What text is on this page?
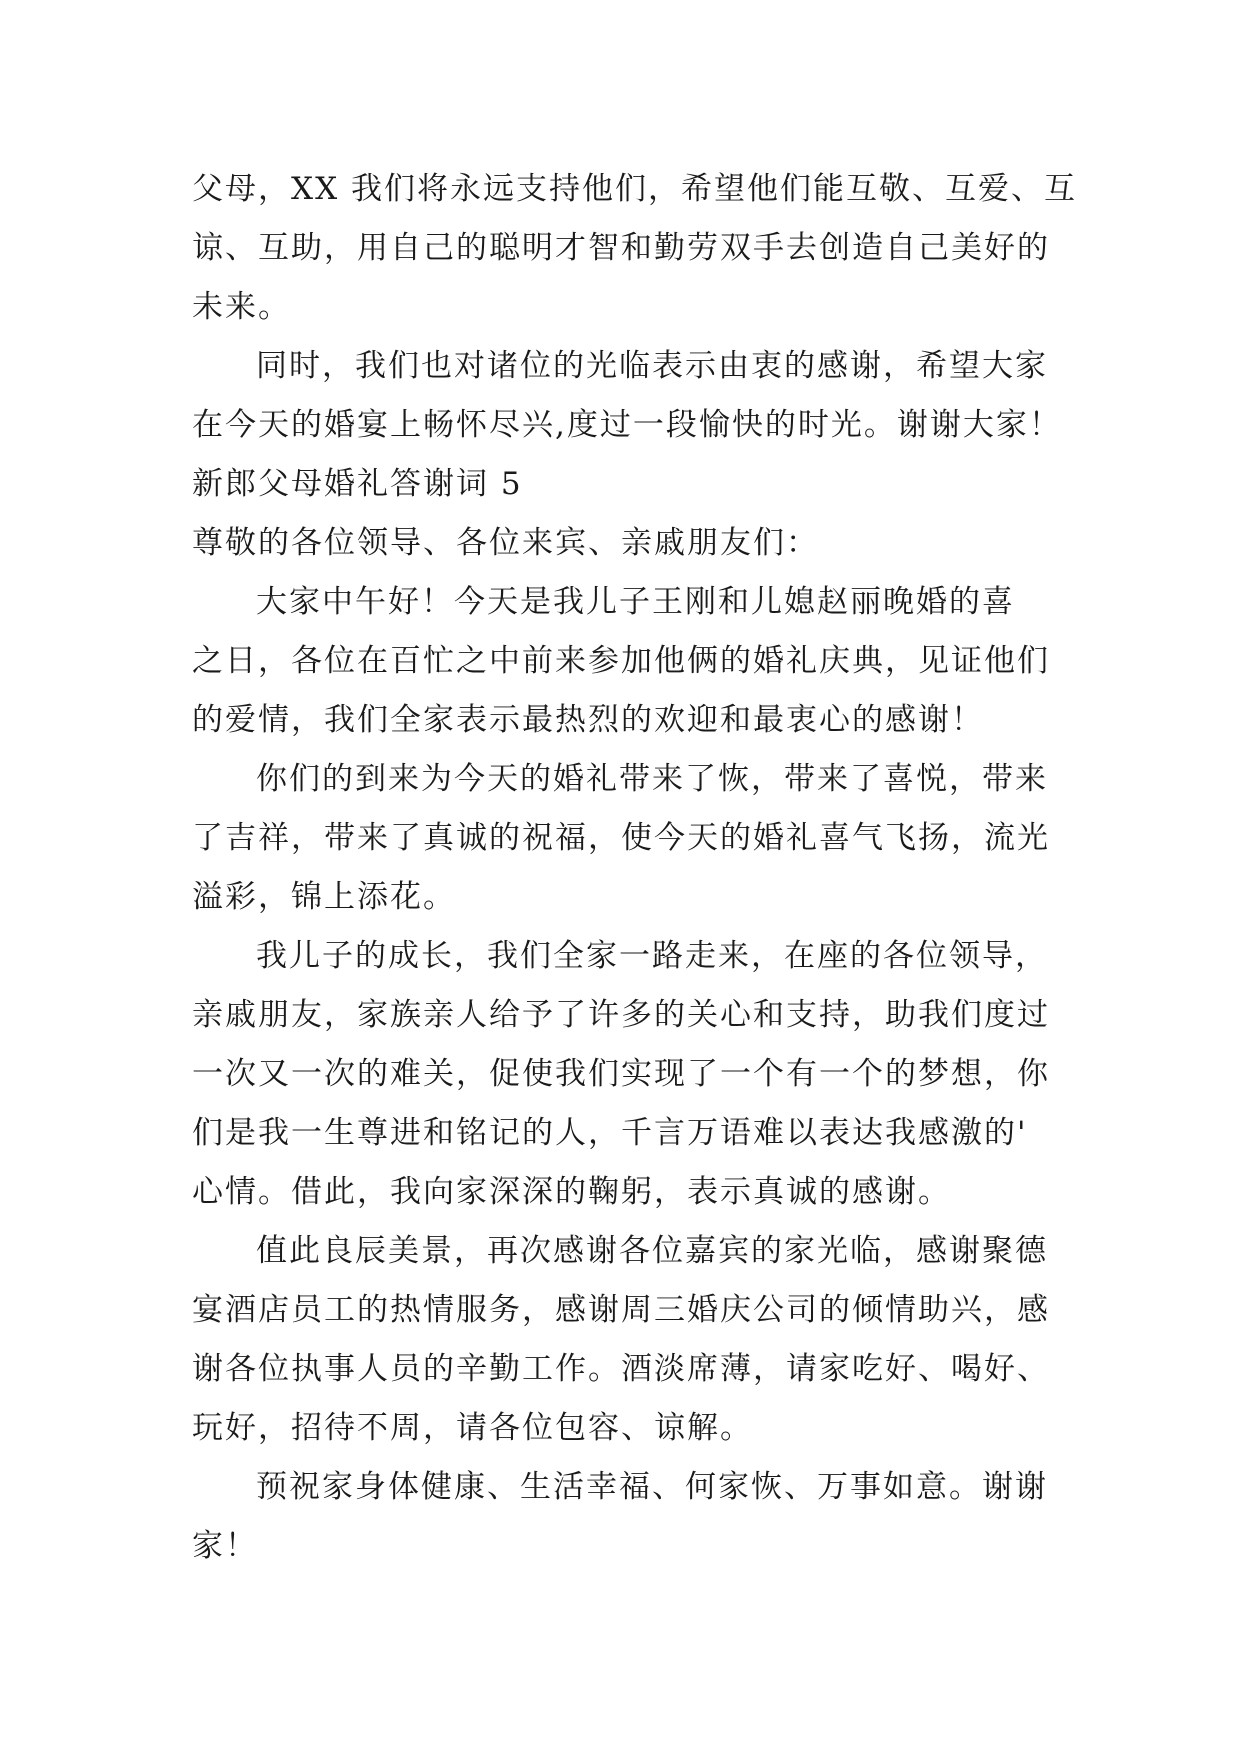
父母，XX 我们将永远支持他们，希望他们能互敬、互爱、互
谅、互助，用自己的聪明才智和勤劳双手去创造自己美好的
未来。
同时，我们也对诸位的光临表示由衷的感谢，希望大家
在今天的婚宴上畅怀尽兴,度过一段愉快的时光。谢谢大家！
新郎父母婚礼答谢词 5
尊敬的各位领导、各位来宾、亲戚朋友们：
大家中午好！今天是我儿子王刚和儿媳赵丽晚婚的喜
之日，各位在百忙之中前来参加他俩的婚礼庆典，见证他们
的爱情，我们全家表示最热烈的欢迎和最衷心的感谢！
你们的到来为今天的婚礼带来了恢，带来了喜悦，带来
了吉祥，带来了真诚的祝福，使今天的婚礼喜气飞扬，流光
溢彩，锦上添花。
我儿子的成长，我们全家一路走来，在座的各位领导，
亲戚朋友，家族亲人给予了许多的关心和支持，助我们度过
一次又一次的难关，促使我们实现了一个有一个的梦想，你
们是我一生尊进和铭记的人，千言万语难以表达我感激的'
心情。借此，我向家深深的鞠躬，表示真诚的感谢。
值此良辰美景，再次感谢各位嘉宾的家光临，感谢聚德
宴酒店员工的热情服务，感谢周三婚庆公司的倾情助兴，感
谢各位执事人员的辛勤工作。酒淡席薄，请家吃好、喝好、
玩好，招待不周，请各位包容、谅解。
预祝家身体健康、生活幸福、何家恢、万事如意。谢谢
家！
